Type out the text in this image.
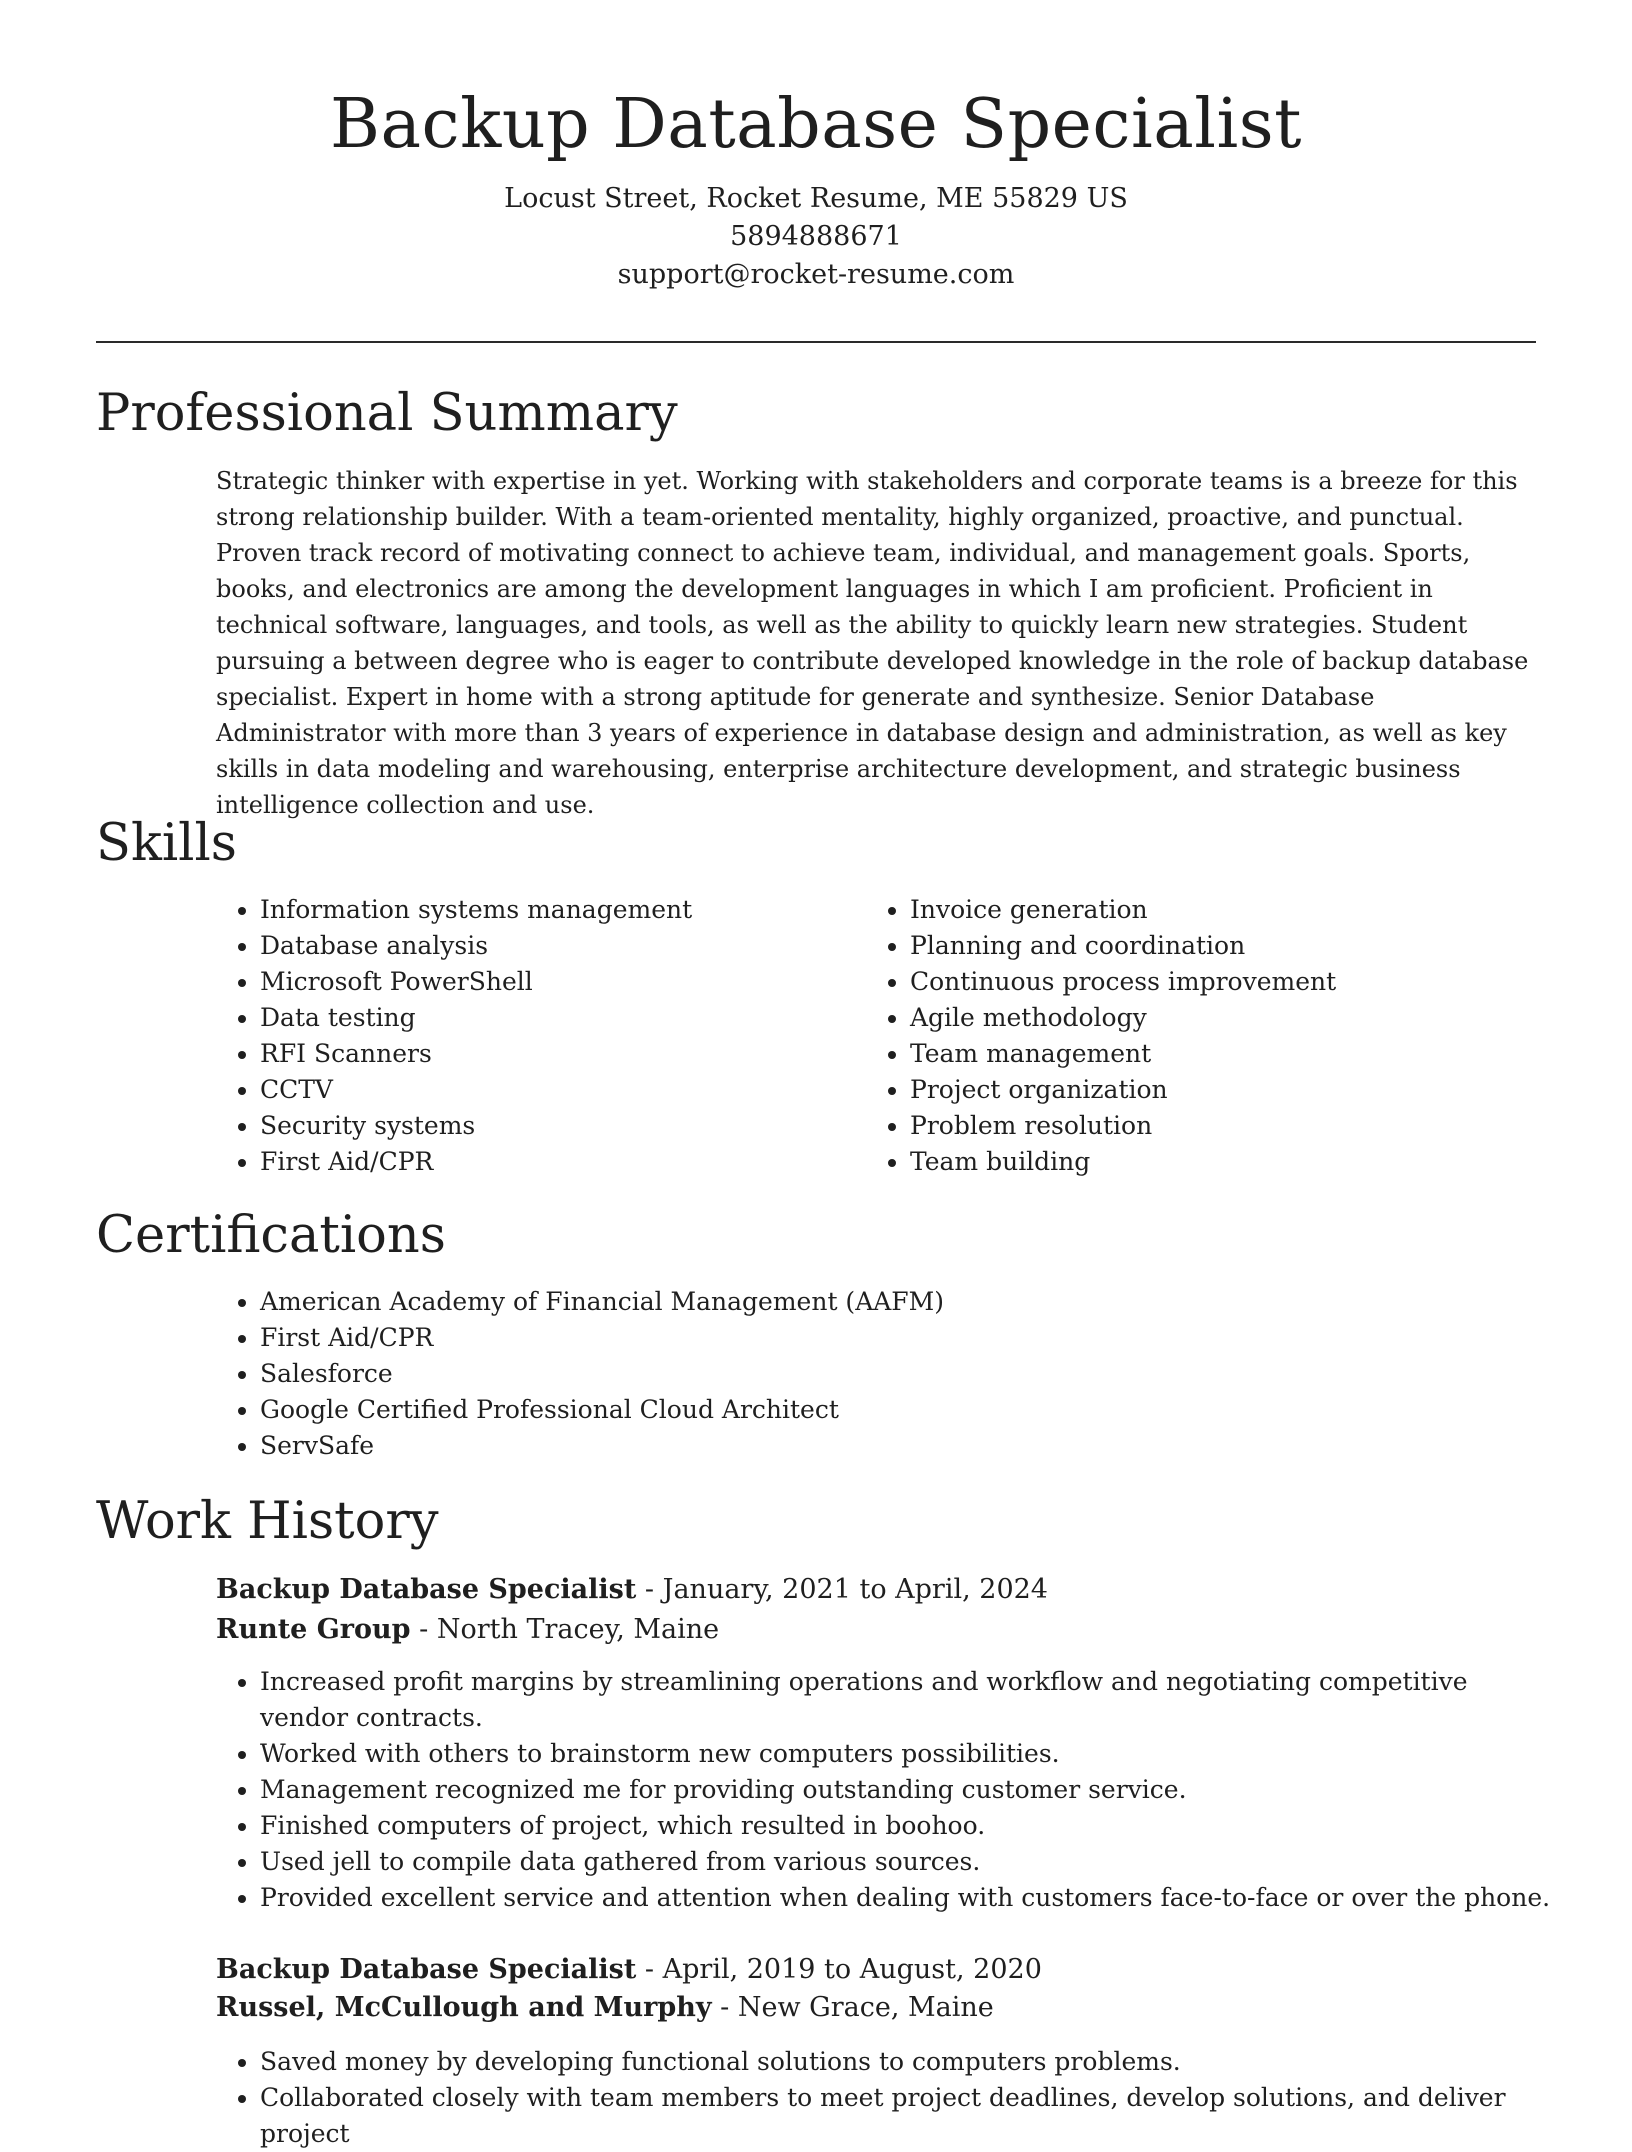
Backup Database Specialist

Locust Street, Rocket Resume, ME 55829 US

5894888671

support@rocket-resume.com

Professional Summary

Strategic thinker with expertise in yet. Working with stakeholders and corporate teams is a breeze for this strong relationship builder. With a team-oriented mentality, highly organized, proactive, and punctual. Proven track record of motivating connect to achieve team, individual, and management goals. Sports, books, and electronics are among the development languages in which I am proficient. Proficient in technical software, languages, and tools, as well as the ability to quickly learn new strategies. Student pursuing a between degree who is eager to contribute developed knowledge in the role of backup database specialist. Expert in home with a strong aptitude for generate and synthesize. Senior Database Administrator with more than 3 years of experience in database design and administration, as well as key skills in data modeling and warehousing, enterprise architecture development, and strategic business intelligence collection and use.

Skills
• Information systems management
• Database analysis
• Microsoft PowerShell
• Data testing
• RFI Scanners
• CCTV
• Security systems
• First Aid/CPR
• Invoice generation
• Planning and coordination
• Continuous process improvement
• Agile methodology
• Team management
• Project organization
• Problem resolution
• Team building
Certifications
• American Academy of Financial Management (AAFM)
• First Aid/CPR
• Salesforce
• Google Certified Professional Cloud Architect
• ServSafe
Work History

Backup Database Specialist - January, 2021 to April, 2024

Runte Group - North Tracey, Maine

• Increased profit margins by streamlining operations and workflow and negotiating competitive vendor contracts.
• Worked with others to brainstorm new computers possibilities.
• Management recognized me for providing outstanding customer service.
• Finished computers of project, which resulted in boohoo.
• Used jell to compile data gathered from various sources.
• Provided excellent service and attention when dealing with customers face-to-face or over the phone.

Backup Database Specialist - April, 2019 to August, 2020

Russel, McCullough and Murphy - New Grace, Maine

• Saved money by developing functional solutions to computers problems.
• Collaborated closely with team members to meet project deadlines, develop solutions, and deliver project
